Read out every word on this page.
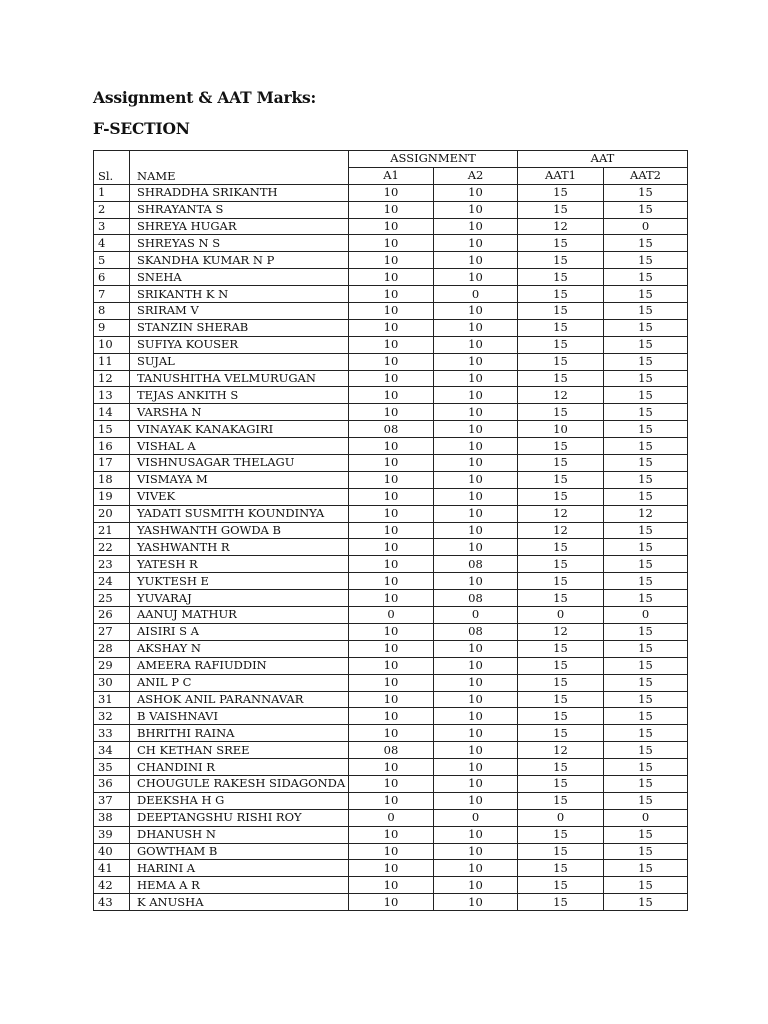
Assignment & AAT Marks:
F-SECTION
Sl.	NAME	ASSIGNMENT		AAT	
		A1	A2	AAT1	AAT2
1	SHRADDHA SRIKANTH	10	10	15	15
2	SHRAYANTA S	10	10	15	15
3	SHREYA HUGAR	10	10	12	0
4	SHREYAS N S	10	10	15	15
5	SKANDHA KUMAR N P	10	10	15	15
6	SNEHA	10	10	15	15
7	SRIKANTH K N	10	0	15	15
8	SRIRAM V	10	10	15	15
9	STANZIN SHERAB	10	10	15	15
10	SUFIYA KOUSER	10	10	15	15
11	SUJAL	10	10	15	15
12	TANUSHITHA VELMURUGAN	10	10	15	15
13	TEJAS ANKITH S	10	10	12	15
14	VARSHA N	10	10	15	15
15	VINAYAK KANAKAGIRI	08	10	10	15
16	VISHAL A	10	10	15	15
17	VISHNUSAGAR THELAGU	10	10	15	15
18	VISMAYA M	10	10	15	15
19	VIVEK	10	10	15	15
20	YADATI SUSMITH KOUNDINYA	10	10	12	12
21	YASHWANTH GOWDA B	10	10	12	15
22	YASHWANTH R	10	10	15	15
23	YATESH R	10	08	15	15
24	YUKTESH E	10	10	15	15
25	YUVARAJ	10	08	15	15
26	AANUJ MATHUR	0	0	0	0
27	AISIRI S A	10	08	12	15
28	AKSHAY N	10	10	15	15
29	AMEERA RAFIUDDIN	10	10	15	15
30	ANIL P C	10	10	15	15
31	ASHOK ANIL PARANNAVAR	10	10	15	15
32	B VAISHNAVI	10	10	15	15
33	BHRITHI RAINA	10	10	15	15
34	CH KETHAN SREE	08	10	12	15
35	CHANDINI R	10	10	15	15
36	CHOUGULE RAKESH SIDAGONDA	10	10	15	15
37	DEEKSHA H G	10	10	15	15
38	DEEPTANGSHU RISHI ROY	0	0	0	0
39	DHANUSH N	10	10	15	15
40	GOWTHAM B	10	10	15	15
41	HARINI A	10	10	15	15
42	HEMA A R	10	10	15	15
43	K ANUSHA	10	10	15	15
